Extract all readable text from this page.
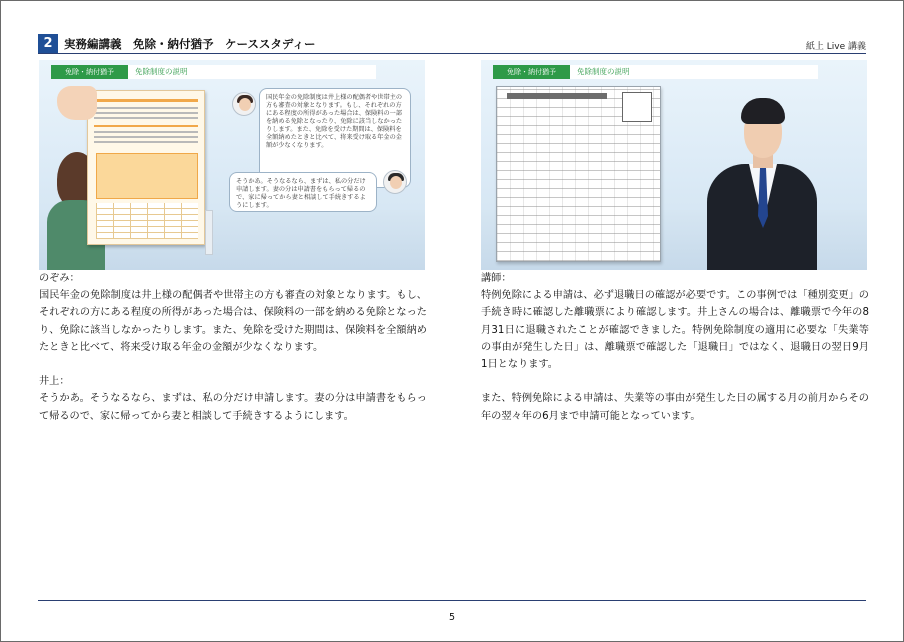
2 実務編講義　免除・納付猶予　ケーススタディー	紙上 Live 講義
免除・納付猶予	免除制度の説明
国民年金の免除制度は井上様の配偶者や世帯主の方も審査の対象となります。もし、それぞれの方にある程度の所得があった場合は、保険料の一部を納める免除となったり、免除に該当しなかったりします。また、免除を受けた期間は、保険料を全額納めたときと比べて、将来受け取る年金の金額が少なくなります。
そうかあ。そうなるなら、まずは、私の分だけ申請します。妻の分は申請書をもらって帰るので、家に帰ってから妻と相談して手続きするようにします。
免除・納付猶予	免除制度の説明
のぞみ：
国民年金の免除制度は井上様の配偶者や世帯主の方も審査の対象となります。もし、それぞれの方にある程度の所得があった場合は、保険料の一部を納める免除となったり、免除に該当しなかったりします。また、免除を受けた期間は、保険料を全額納めたときと比べて、将来受け取る年金の金額が少なくなります。
井上：
そうかあ。そうなるなら、まずは、私の分だけ申請します。妻の分は申請書をもらって帰るので、家に帰ってから妻と相談して手続きするようにします。
講師：
特例免除による申請は、必ず退職日の確認が必要です。この事例では「種別変更」の手続き時に確認した離職票により確認します。井上さんの場合は、離職票で今年の8月31日に退職されたことが確認できました。特例免除制度の適用に必要な「失業等の事由が発生した日」は、離職票で確認した「退職日」ではなく、退職日の翌日9月1日となります。
また、特例免除による申請は、失業等の事由が発生した日の属する月の前月からその年の翌々年の6月まで申請可能となっています。
5
